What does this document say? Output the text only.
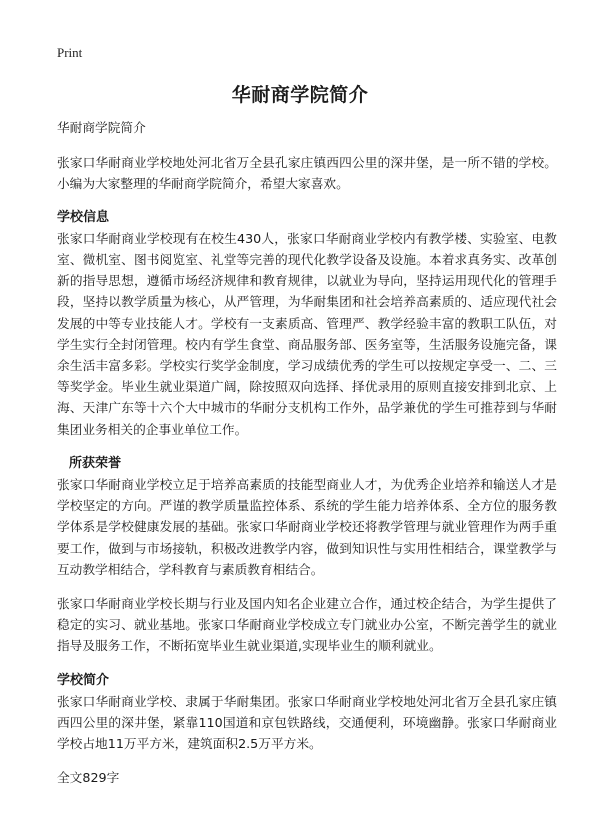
Print
华耐商学院简介

华耐商学院简介

张家口华耐商业学校地处河北省万全县孔家庄镇西四公里的深井堡，是一所不错的学校。小编为大家整理的华耐商学院简介，希望大家喜欢。

学校信息

张家口华耐商业学校现有在校生430人，张家口华耐商业学校内有教学楼、实验室、电教室、微机室、图书阅览室、礼堂等完善的现代化教学设备及设施。本着求真务实、改革创新的指导思想，遵循市场经济规律和教育规律，以就业为导向，坚持运用现代化的管理手段，坚持以教学质量为核心，从严管理，为华耐集团和社会培养高素质的、适应现代社会发展的中等专业技能人才。学校有一支素质高、管理严、教学经验丰富的教职工队伍，对学生实行全封闭管理。校内有学生食堂、商品服务部、医务室等，生活服务设施完备，课余生活丰富多彩。学校实行奖学金制度，学习成绩优秀的学生可以按规定享受一、二、三等奖学金。毕业生就业渠道广阔，除按照双向选择、择优录用的原则直接安排到北京、上海、天津广东等十六个大中城市的华耐分支机构工作外，品学兼优的学生可推荐到与华耐集团业务相关的企事业单位工作。

所获荣誉

张家口华耐商业学校立足于培养高素质的技能型商业人才，为优秀企业培养和输送人才是学校坚定的方向。严谨的教学质量监控体系、系统的学生能力培养体系、全方位的服务教学体系是学校健康发展的基础。张家口华耐商业学校还将教学管理与就业管理作为两手重要工作，做到与市场接轨，积极改进教学内容，做到知识性与实用性相结合，课堂教学与互动教学相结合，学科教育与素质教育相结合。

张家口华耐商业学校长期与行业及国内知名企业建立合作，通过校企结合，为学生提供了稳定的实习、就业基地。张家口华耐商业学校成立专门就业办公室，不断完善学生的就业指导及服务工作，不断拓宽毕业生就业渠道,实现毕业生的顺利就业。

学校简介

张家口华耐商业学校、隶属于华耐集团。张家口华耐商业学校地处河北省万全县孔家庄镇西四公里的深井堡，紧靠110国道和京包铁路线，交通便利，环境幽静。张家口华耐商业学校占地11万平方米，建筑面积2.5万平方米。

全文829字
